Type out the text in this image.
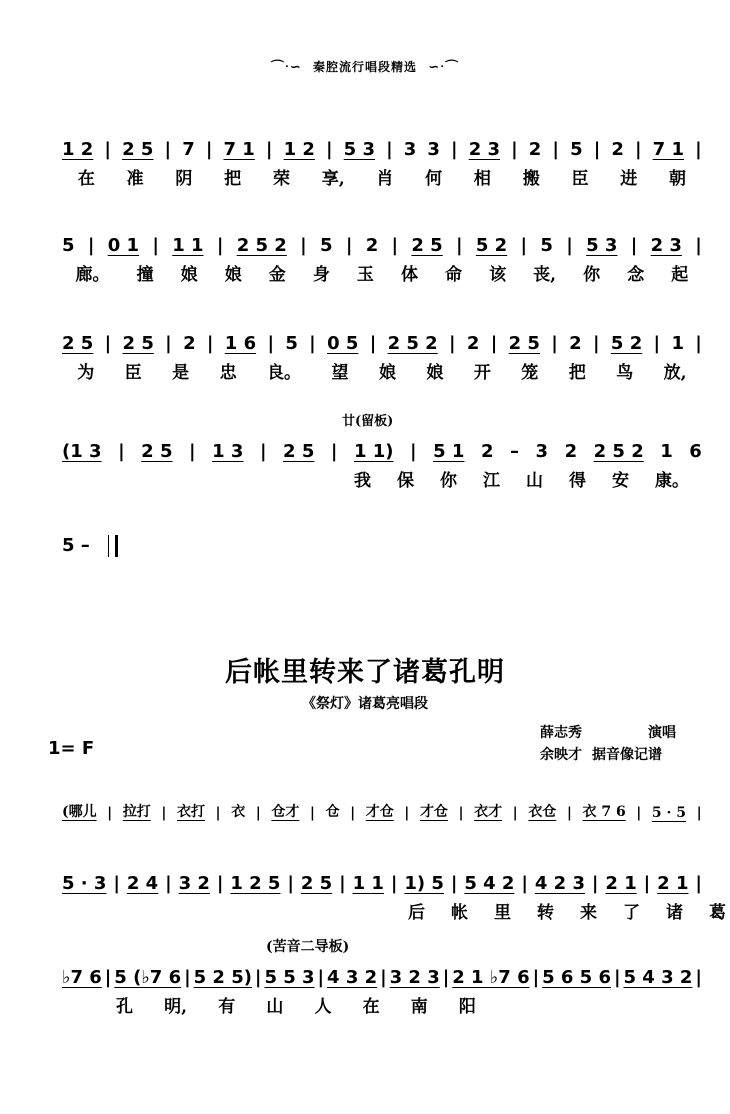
⌒ᐧ∽ 秦腔流行唱段精选 ∽ᐧ⌒
1 2 | 2 5 | 7 | 7 1 | 1 2 | 5 3 | 3 3 | 2 3 | 2 | 5 | 2 | 7 1 |
在 准 阴 把 荣 享, 肖 何 相 搬 臣 进 朝
5 | 0 1 | 1 1 | 2 5 2 | 5 | 2 | 2 5 | 5 2 | 5 | 5 3 | 2 3 |
廊。 撞 娘 娘 金 身 玉 体 命 该 丧, 你 念 起
2 5 | 2 5 | 2 | 1 6 | 5 | 0 5 | 2 5 2 | 2 | 2 5 | 2 | 5 2 | 1 |
为 臣 是 忠 良。 望 娘 娘 开 笼 把 鸟 放,
廿(留板)
(1 3 | 2 5 | 1 3 | 2 5 | 1 1) | 5 1 2 – 3 2 2 5 2 1 6
我 保 你 江 山 得 安 康。
5 –
后帐里转来了诸葛孔明
《祭灯》诸葛亮唱段
薛志秀	演唱
余映才 据音像记谱
1= F
(哪儿 | 拉打 | 衣打 | 衣 | 仓才 | 仓 | 才仓 | 才仓 | 衣才 | 衣仓 | 衣 7 6 | 5 · 5 |
5 · 3 | 2 4 | 3 2 | 1 2 5 | 2 5 | 1 1 | 1) 5 | 5 4 2 | 4 2 3 | 2 1 | 2 1 |
后 帐 里 转 来 了 诸 葛
(苦音二导板)
♭7 6 | 5 (♭7 6 | 5 2 5) | 5 5 3 | 4 3 2 | 3 2 3 | 2 1 ♭7 6 | 5 6 5 6 | 5 4 3 2 |
孔 明, 有 山 人 在 南 阳
